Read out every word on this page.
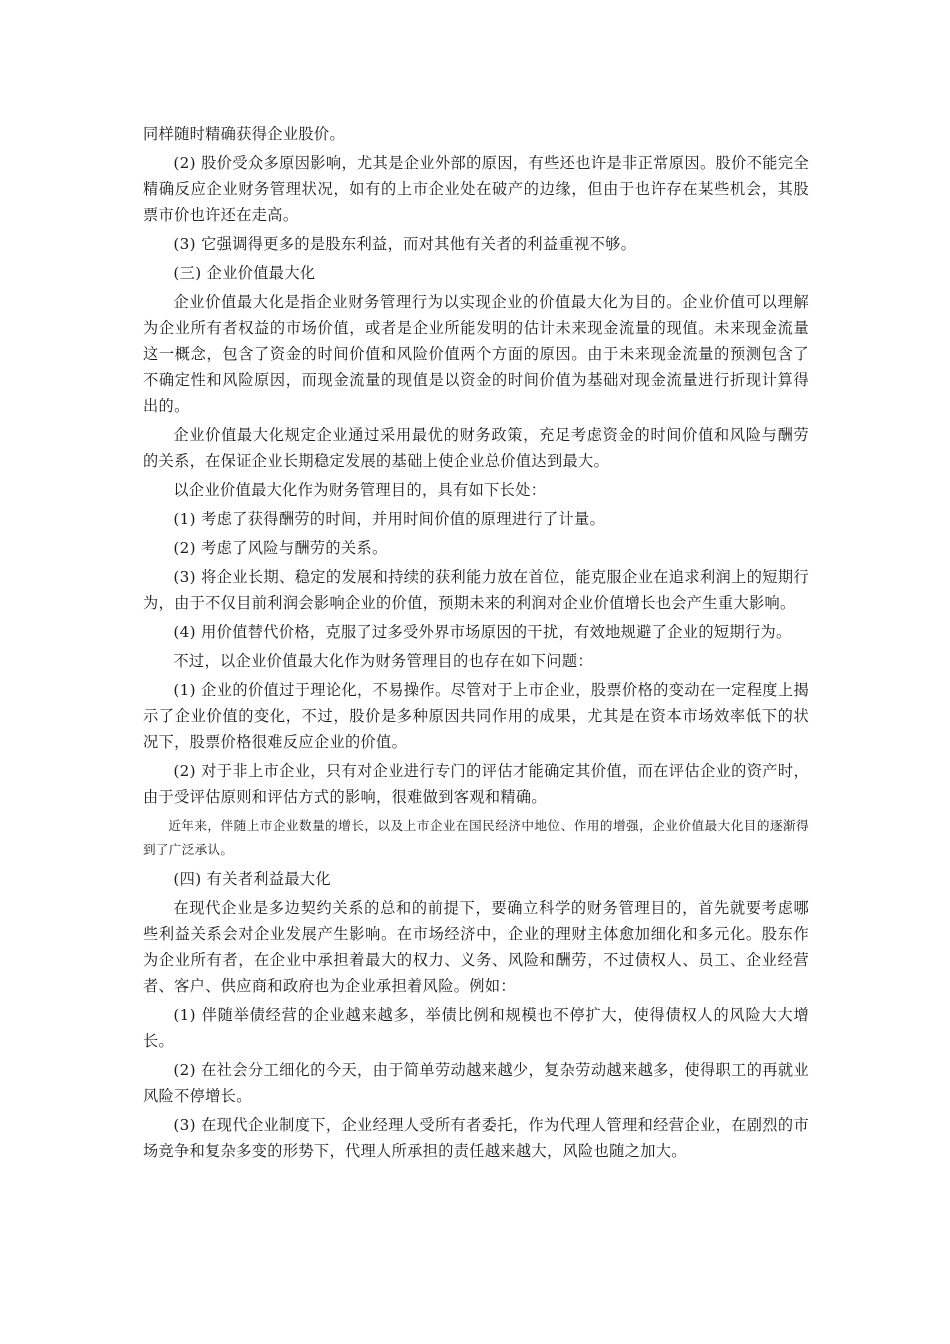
同样随时精确获得企业股价。

(2) 股价受众多原因影响，尤其是企业外部的原因，有些还也许是非正常原因。股价不能完全精确反应企业财务管理状况，如有的上市企业处在破产的边缘，但由于也许存在某些机会，其股票市价也许还在走高。

(3) 它强调得更多的是股东利益，而对其他有关者的利益重视不够。

(三) 企业价值最大化

企业价值最大化是指企业财务管理行为以实现企业的价值最大化为目的。企业价值可以理解为企业所有者权益的市场价值，或者是企业所能发明的估计未来现金流量的现值。未来现金流量这一概念，包含了资金的时间价值和风险价值两个方面的原因。由于未来现金流量的预测包含了不确定性和风险原因，而现金流量的现值是以资金的时间价值为基础对现金流量进行折现计算得出的。

企业价值最大化规定企业通过采用最优的财务政策，充足考虑资金的时间价值和风险与酬劳的关系，在保证企业长期稳定发展的基础上使企业总价值达到最大。

以企业价值最大化作为财务管理目的，具有如下长处：

(1) 考虑了获得酬劳的时间，并用时间价值的原理进行了计量。

(2) 考虑了风险与酬劳的关系。

(3) 将企业长期、稳定的发展和持续的获利能力放在首位，能克服企业在追求利润上的短期行为，由于不仅目前利润会影响企业的价值，预期未来的利润对企业价值增长也会产生重大影响。

(4) 用价值替代价格，克服了过多受外界市场原因的干扰，有效地规避了企业的短期行为。

不过，以企业价值最大化作为财务管理目的也存在如下问题：

(1) 企业的价值过于理论化，不易操作。尽管对于上市企业，股票价格的变动在一定程度上揭示了企业价值的变化，不过，股价是多种原因共同作用的成果，尤其是在资本市场效率低下的状况下，股票价格很难反应企业的价值。

(2) 对于非上市企业，只有对企业进行专门的评估才能确定其价值，而在评估企业的资产时，由于受评估原则和评估方式的影响，很难做到客观和精确。

近年来，伴随上市企业数量的增长，以及上市企业在国民经济中地位、作用的增强，企业价值最大化目的逐渐得到了广泛承认。

(四) 有关者利益最大化

在现代企业是多边契约关系的总和的前提下，要确立科学的财务管理目的，首先就要考虑哪些利益关系会对企业发展产生影响。在市场经济中，企业的理财主体愈加细化和多元化。股东作为企业所有者，在企业中承担着最大的权力、义务、风险和酬劳，不过债权人、员工、企业经营者、客户、供应商和政府也为企业承担着风险。例如：

(1) 伴随举债经营的企业越来越多，举债比例和规模也不停扩大，使得债权人的风险大大增长。

(2) 在社会分工细化的今天，由于简单劳动越来越少，复杂劳动越来越多，使得职工的再就业风险不停增长。

(3) 在现代企业制度下，企业经理人受所有者委托，作为代理人管理和经营企业，在剧烈的市场竞争和复杂多变的形势下，代理人所承担的责任越来越大，风险也随之加大。
